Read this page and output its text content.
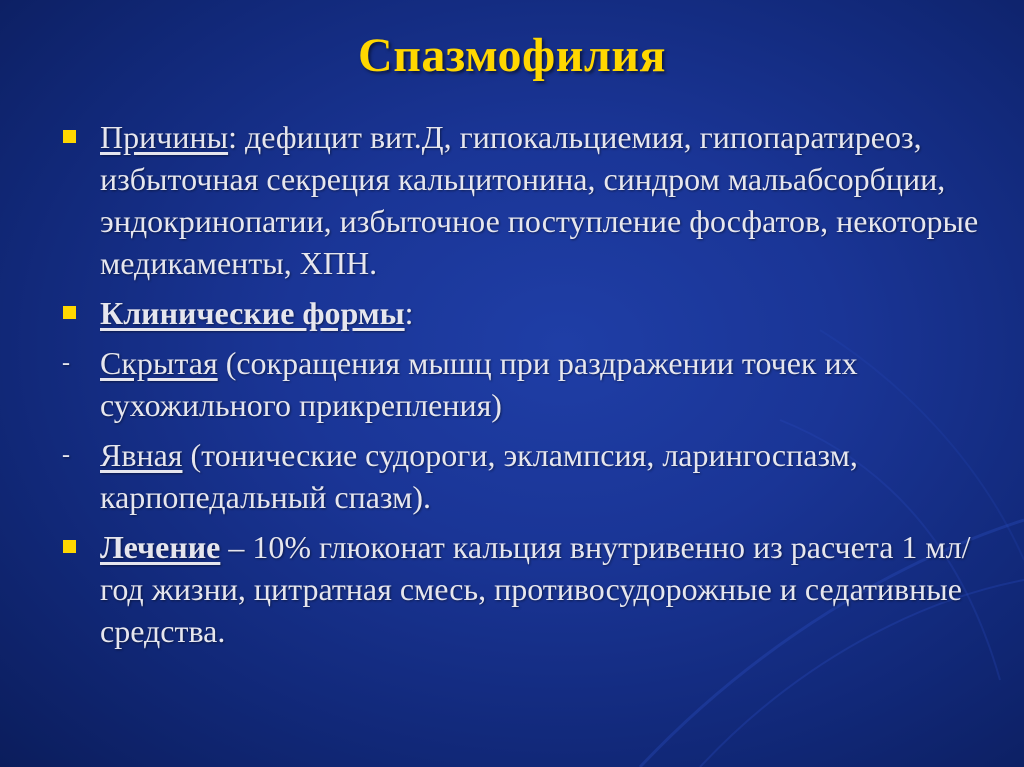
Спазмофилия
Причины: дефицит вит.Д, гипокальциемия, гипопаратиреоз, избыточная секреция кальцитонина, синдром мальабсорбции, эндокринопатии, избыточное поступление фосфатов, некоторые медикаменты, ХПН.
Клинические формы:
- Скрытая (сокращения мышц при раздражении точек их сухожильного прикрепления)
- Явная (тонические судороги, эклампсия, ларингоспазм, карпопедальный спазм).
Лечение – 10% глюконат кальция внутривенно из расчета 1 мл/год жизни, цитратная смесь, противосудорожные и седативные средства.
